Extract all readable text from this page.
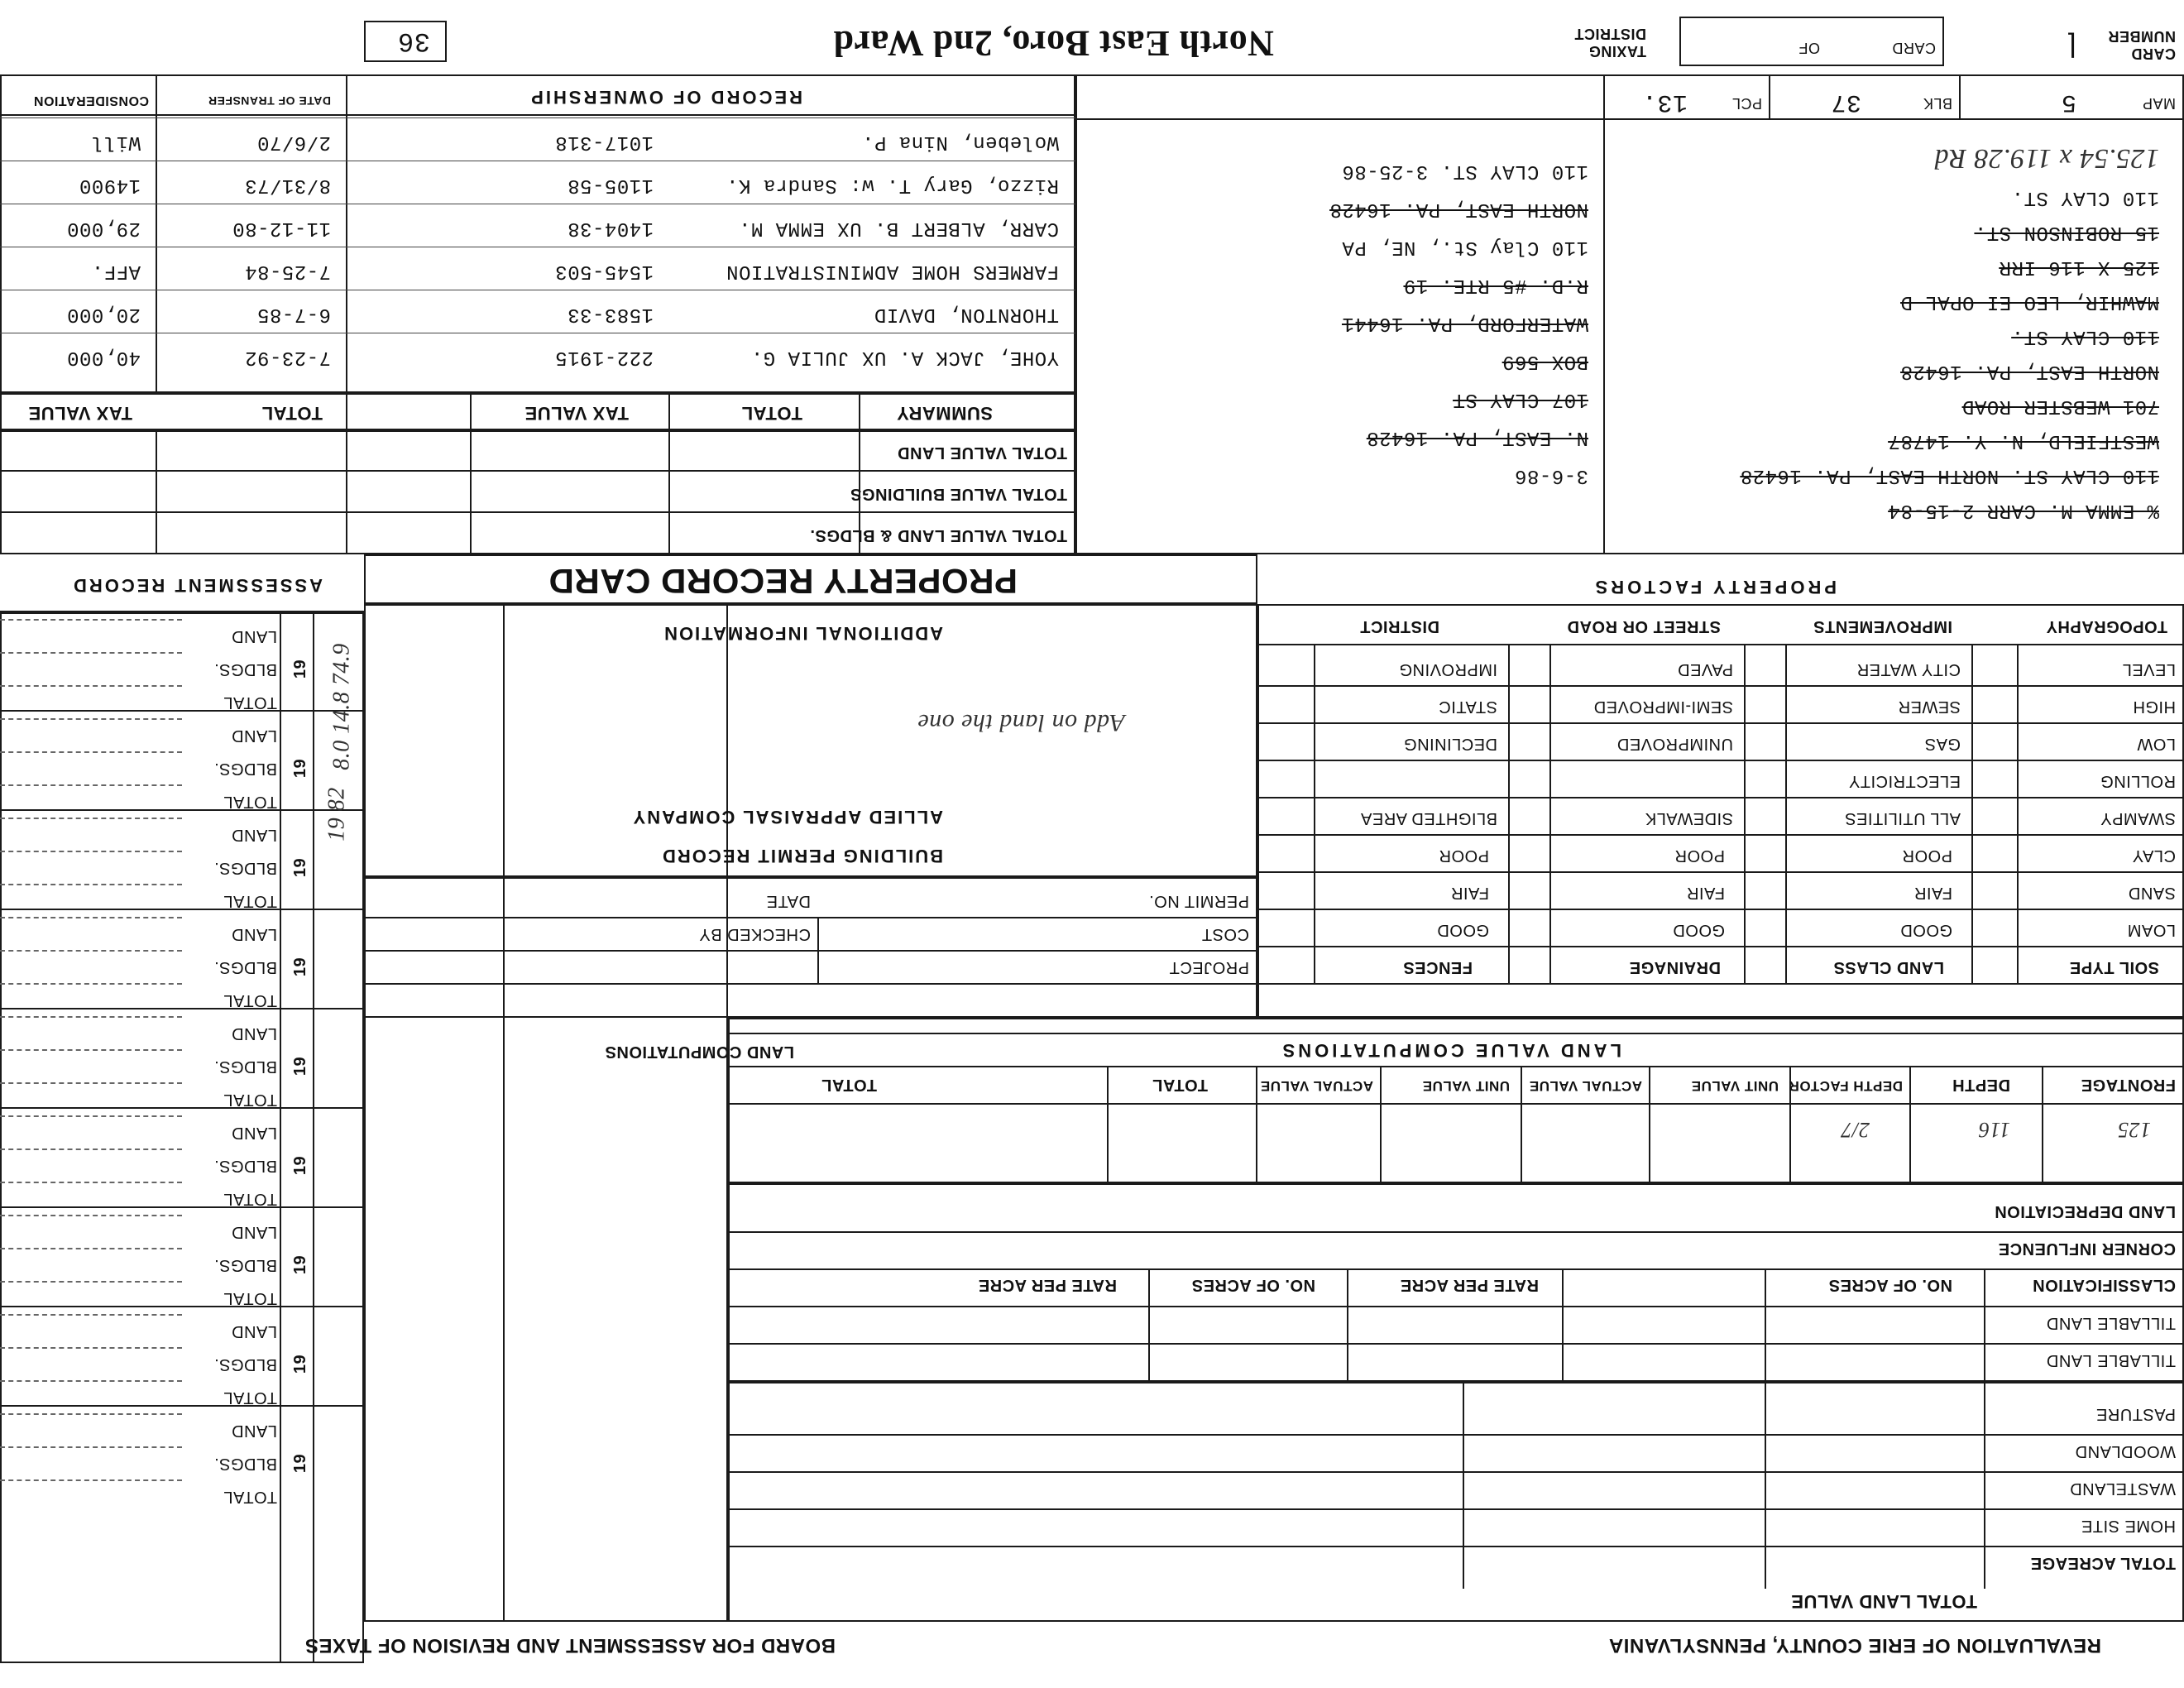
REVALUATION OF ERIE COUNTY, PENNSYLVANIA
BOARD FOR ASSESSMENT AND REVISION OF TAXES
TOTAL LAND VALUE
TOTAL ACREAGE
HOME SITE
WASTELAND
WOODLAND
PASTURE
TILLABLE LAND
TILLABLE LAND
CLASSIFICATION
NO. OF ACRES
RATE PER ACRE
NO. OF ACRES
RATE PER ACRE
CORNER INFLUENCE
LAND DEPRECIATION
FRONTAGE
DEPTH
DEPTH FACTOR
UNIT VALUE
ACTUAL VALUE
UNIT VALUE
ACTUAL VALUE
TOTAL
TOTAL
125
116
2/7
LAND VALUE COMPUTATIONS
LAND COMPUTATIONS
ASSESSMENT RECORD
LAND
BLDGS.
TOTAL
19
LAND
BLDGS.
TOTAL
19
LAND
BLDGS.
TOTAL
19
LAND
BLDGS.
TOTAL
19
LAND
BLDGS.
TOTAL
19
LAND
BLDGS.
TOTAL
19
LAND
BLDGS.
TOTAL
19
LAND
BLDGS.
TOTAL
19
LAND
BLDGS.
TOTAL
19
19 82
8.0 14.8 74.9
SOIL TYPE
LOAM
SAND
CLAY
LAND CLASS
GOOD
FAIR
POOR
DRAINAGE
GOOD
FAIR
POOR
FENCES
GOOD
FAIR
POOR
SWAMPY
ROLLING
LOW
HIGH
LEVEL
TOPOGRAPHY
ALL UTILITIES
ELECTRICITY
GAS
SEWER
CITY WATER
IMPROVEMENTS
SIDEWALK
UNIMPROVED
SEMI-IMPROVED
PAVED
STREET OR ROAD
BLIGHTED AREA
DECLINING
STATIC
IMPROVING
DISTRICT
PROPERTY FACTORS
PROJECT
COST
PERMIT NO.
CHECKED BY
DATE
BUILDING PERMIT RECORD
ALLIED APPRAISAL COMPANY
Add on land the one
ADDITIONAL INFORMATION
PROPERTY RECORD CARD
TOTAL VALUE LAND & BLDGS.
TOTAL VALUE BUILDINGS
TOTAL VALUE LAND
SUMMARY
TOTAL
TAX VALUE
TOTAL
TAX VALUE
RECORD OF OWNERSHIP
DATE OF TRANSFER
CONSIDERATION
Woleben, Nina P.
1017-318
2/6/70
Will
Rizzo, Gary T. w: Sandra K.
1105-58
8/31/73
14900
CARR, ALBERT B. UX EMMA M.
1404-38
11-12-80
29,000
FARMERS HOME ADMINISTRATION
1545-503
7-25-84
AFF.
THORNTON, DAVID
1583-33
6-7-85
20,000
YOHE, JACK A. UX JULIA G.
222-1915
7-23-92
40,000
125.54 x 119.28 Rd
110 CLAY ST.
15 ROBINSON ST.
125 X 116 IRR
MAWHIR, LEO EI OPAL D
110 CLAY ST.
NORTH EAST, PA. 16428
701 WEBSTER ROAD
WESTFIELD, N. Y. 14787
110 CLAY ST. NORTH EAST, PA. 16428
% EMMA M. CARR 2-15-84
110 CLAY ST. 3-25-86
NORTH EAST, PA. 16428
110 Clay St., NE, PA
R.D. #5 RTE. 19
WATERFORD, PA. 16441
BOX 569
107 CLAY ST
N. EAST, PA. 16428
3-6-86
MAP
5
BLK
37
PCL
13.
CARD NUMBER
⌊
CARD
OF
TAXING DISTRICT
North East Boro, 2nd Ward
36
